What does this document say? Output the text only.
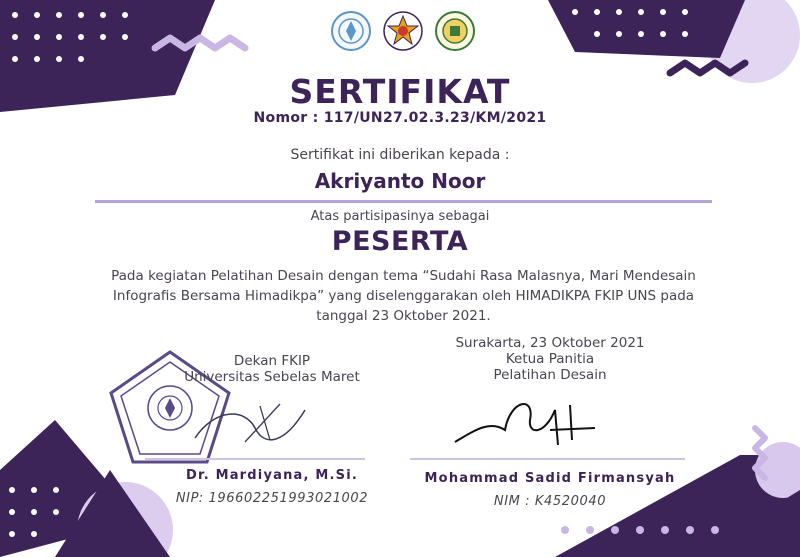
SERTIFIKAT
Nomor : 117/UN27.02.3.23/KM/2021
Sertifikat ini diberikan kepada :
Akriyanto Noor
Atas partisipasinya sebagai
PESERTA
Pada kegiatan Pelatihan Desain dengan tema “Sudahi Rasa Malasnya, Mari Mendesain
Infografis Bersama Himadikpa” yang diselenggarakan oleh HIMADIKPA FKIP UNS pada
tanggal 23 Oktober 2021.
Dekan FKIP
Universitas Sebelas Maret
Dr. Mardiyana, M.Si.
NIP: 196602251993021002
Surakarta, 23 Oktober 2021
Ketua Panitia
Pelatihan Desain
Mohammad Sadid Firmansyah
NIM : K4520040
